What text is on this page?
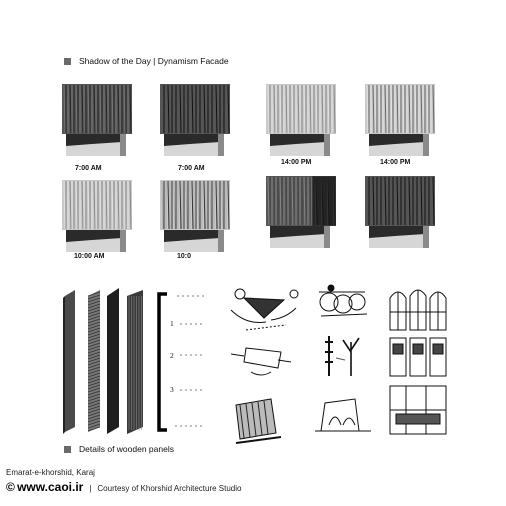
Shadow of the Day | Dynamism Facade
7:00 AM	7:00 AM
14:00 PM	14:00 PM
10:00 AM	10:0
1
2
3
Details of wooden panels
Emarat-e-khorshid, Karaj
©
www.caoi.ir | Courtesy of Khorshid Architecture Studio
